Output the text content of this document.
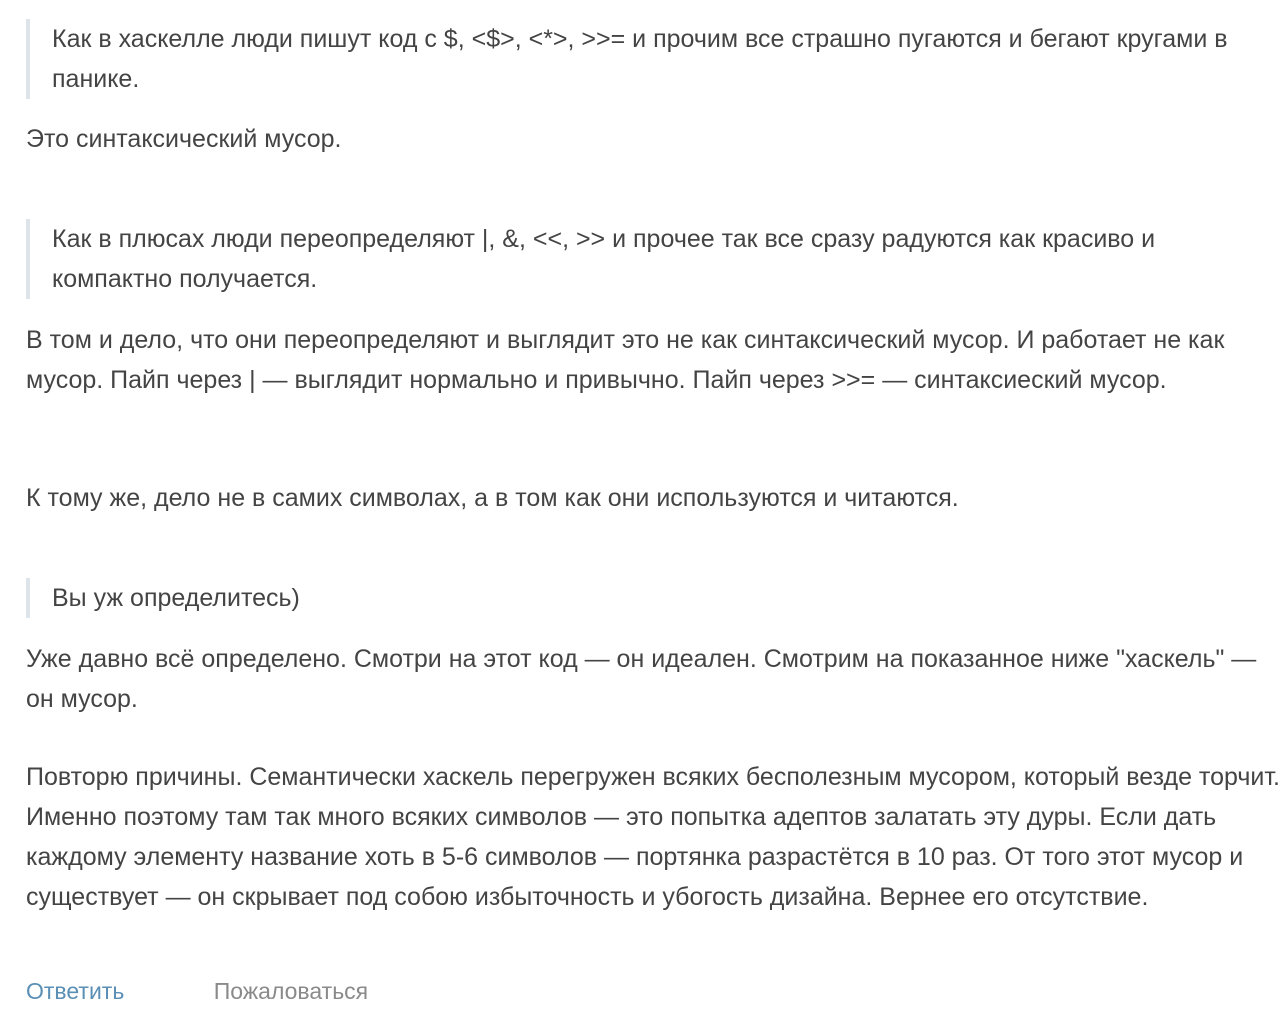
Как в хаскелле люди пишут код с $, <$>, <*>, >>= и прочим все страшно пугаются и бегают кругами в панике.

Это синтаксический мусор.

Как в плюсах люди переопределяют |, &, <<, >> и прочее так все сразу радуются как красиво и компактно получается.

В том и дело, что они переопределяют и выглядит это не как синтаксический мусор. И работает не как мусор. Пайп через | — выглядит нормально и привычно. Пайп через >>= — синтаксиеский мусор.

К тому же, дело не в самих символах, а в том как они используются и читаются.

Вы уж определитесь)

Уже давно всё определено. Смотри на этот код — он идеален. Смотрим на показанное ниже "хаскель" — он мусор.

Повторю причины. Семантически хаскель перегружен всяких бесполезным мусором, который везде торчит. Именно поэтому там так много всяких символов — это попытка адептов залатать эту дуры. Если дать каждому элементу название хоть в 5-6 символов — портянка разрастётся в 10 раз. От того этот мусор и существует — он скрывает под собою избыточность и убогость дизайна. Вернее его отсутствие.

Ответить	Пожаловаться
